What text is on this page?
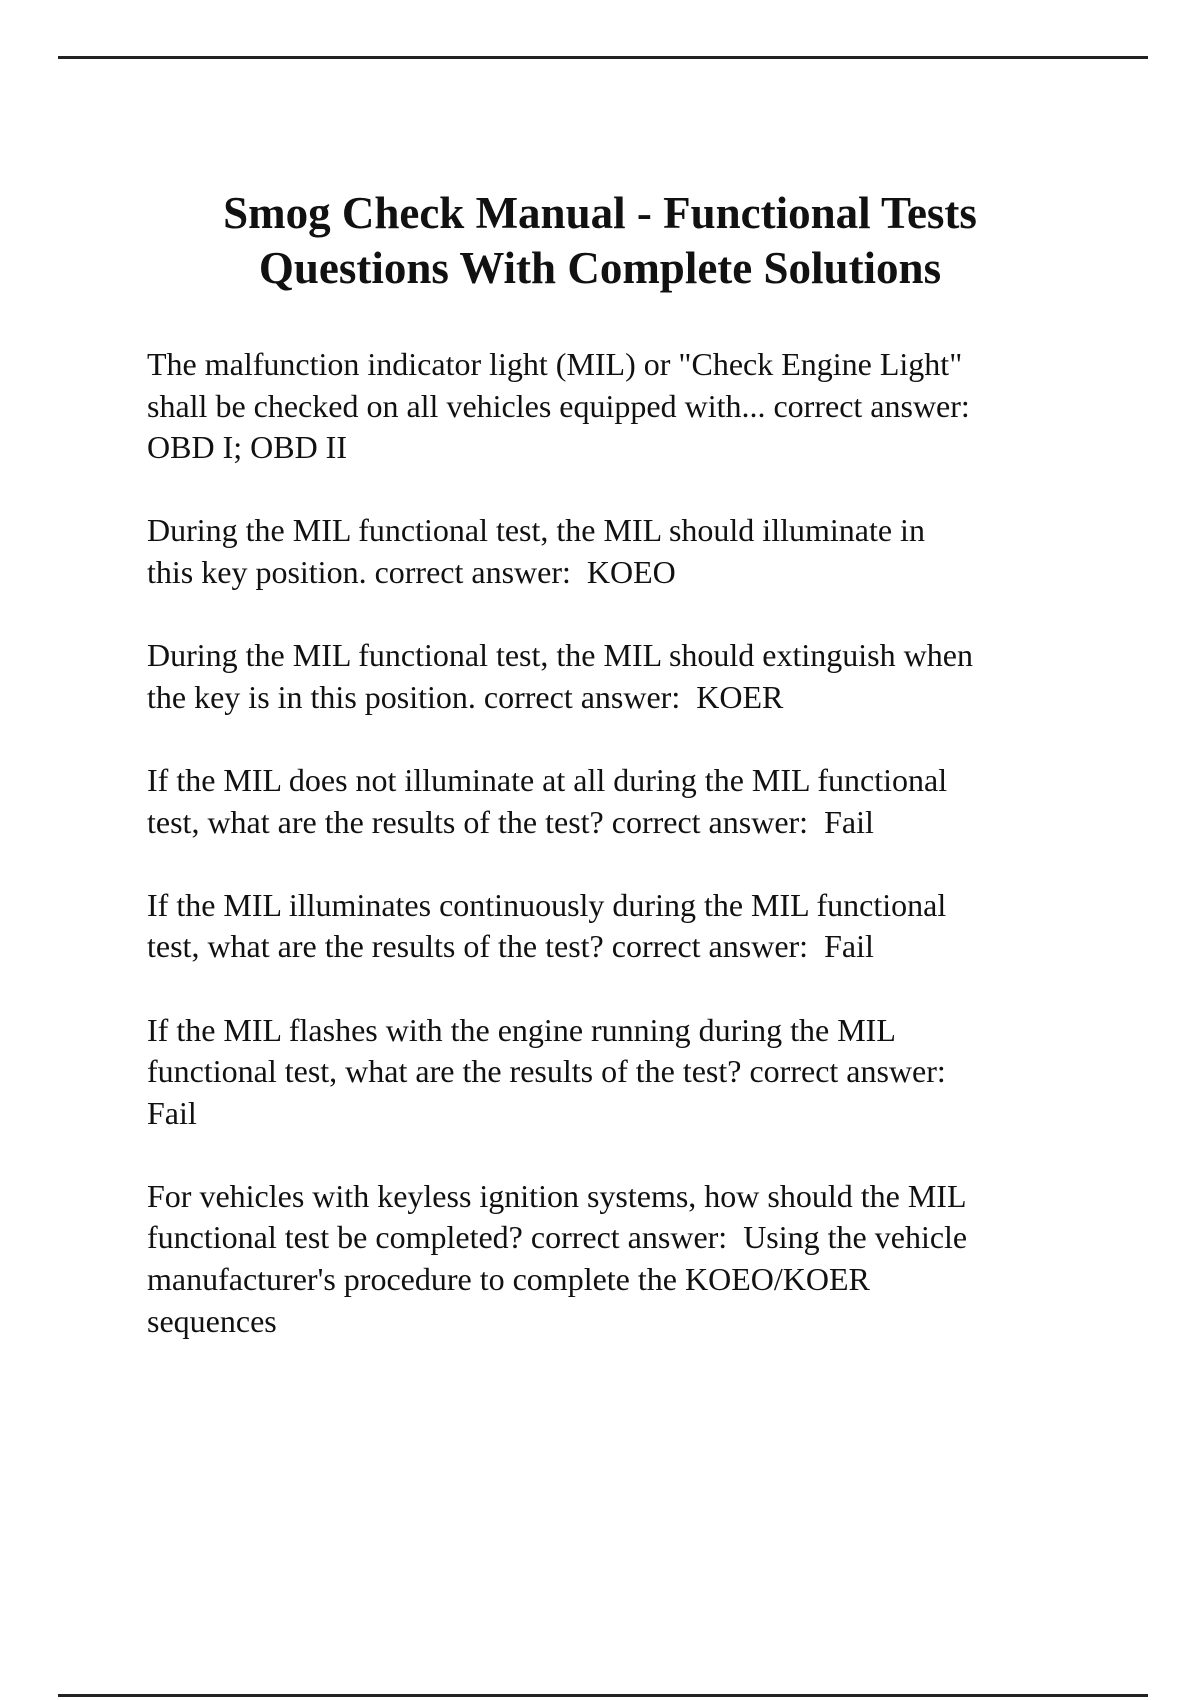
Smog Check Manual - Functional Tests
Questions With Complete Solutions
The malfunction indicator light (MIL) or "Check Engine Light"
shall be checked on all vehicles equipped with... correct answer:
OBD I; OBD II
During the MIL functional test, the MIL should illuminate in
this key position. correct answer:  KOEO
During the MIL functional test, the MIL should extinguish when
the key is in this position. correct answer:  KOER
If the MIL does not illuminate at all during the MIL functional
test, what are the results of the test? correct answer:  Fail
If the MIL illuminates continuously during the MIL functional
test, what are the results of the test? correct answer:  Fail
If the MIL flashes with the engine running during the MIL
functional test, what are the results of the test? correct answer:
Fail
For vehicles with keyless ignition systems, how should the MIL
functional test be completed? correct answer:  Using the vehicle
manufacturer's procedure to complete the KOEO/KOER
sequences
